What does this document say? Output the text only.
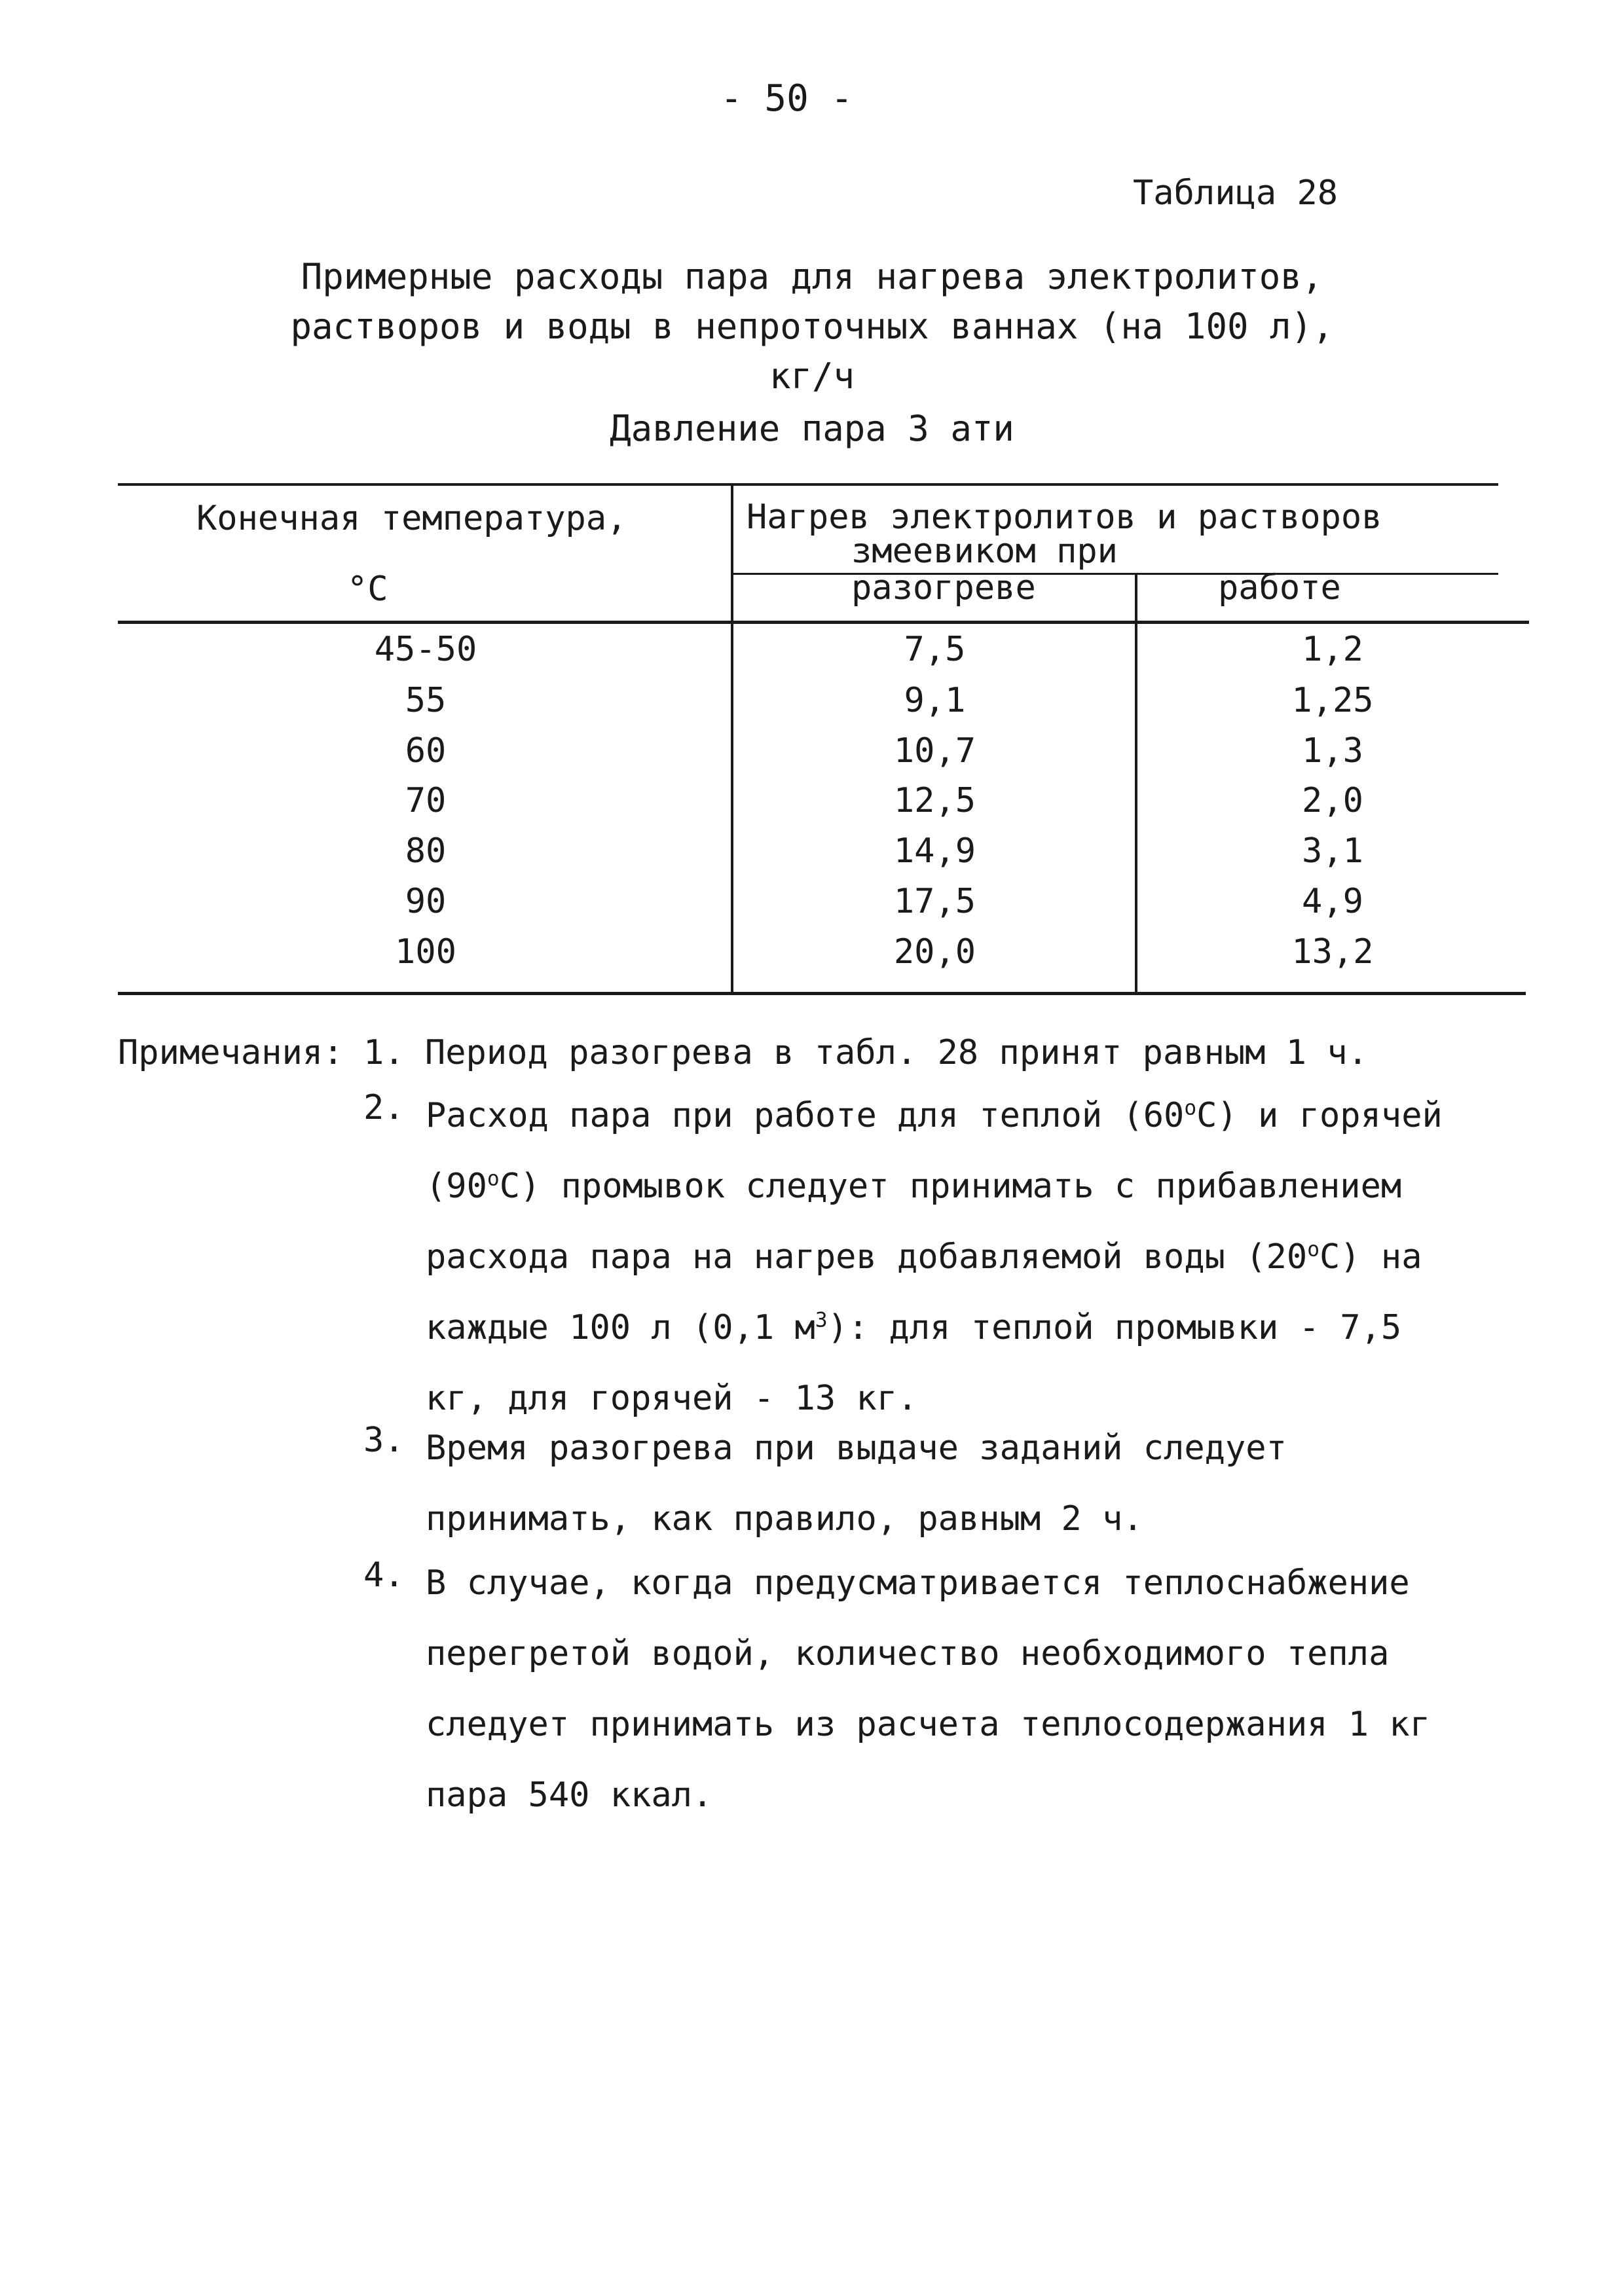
- 50 -
Таблица 28
Примерные расходы пара для нагрева электролитов,
растворов и воды в непроточных ваннах (на 100 л),
кг/ч
Давление пара 3 ати
Конечная температура,
°С
Нагрев электролитов и растворов
змеевиком при
разогреве	работе
45-50	7,5	1,2
55	9,1	1,25
60	10,7	1,3
70	12,5	2,0
80	14,9	3,1
90	17,5	4,9
100	20,0	13,2
Примечания: 1. Период разогрева в табл. 28 принят равным 1 ч.
2. Расход пара при работе для теплой $(60^оС)$ и горячей $(90^оС)$ промывок следует принимать с прибавлением расхода пара на нагрев добавляемой воды $(20^оС)$ на каждые 100 л (0,1 $м^3$): для теплой промывки - 7,5 кг, для горячей - 13 кг.
3. Время разогрева при выдаче заданий следует принимать, как правило, равным 2 ч.
4. В случае, когда предусматривается теплоснабжение перегретой водой, количество необходимого тепла следует принимать из расчета теплосодержания 1 кг пара 540 ккал.
